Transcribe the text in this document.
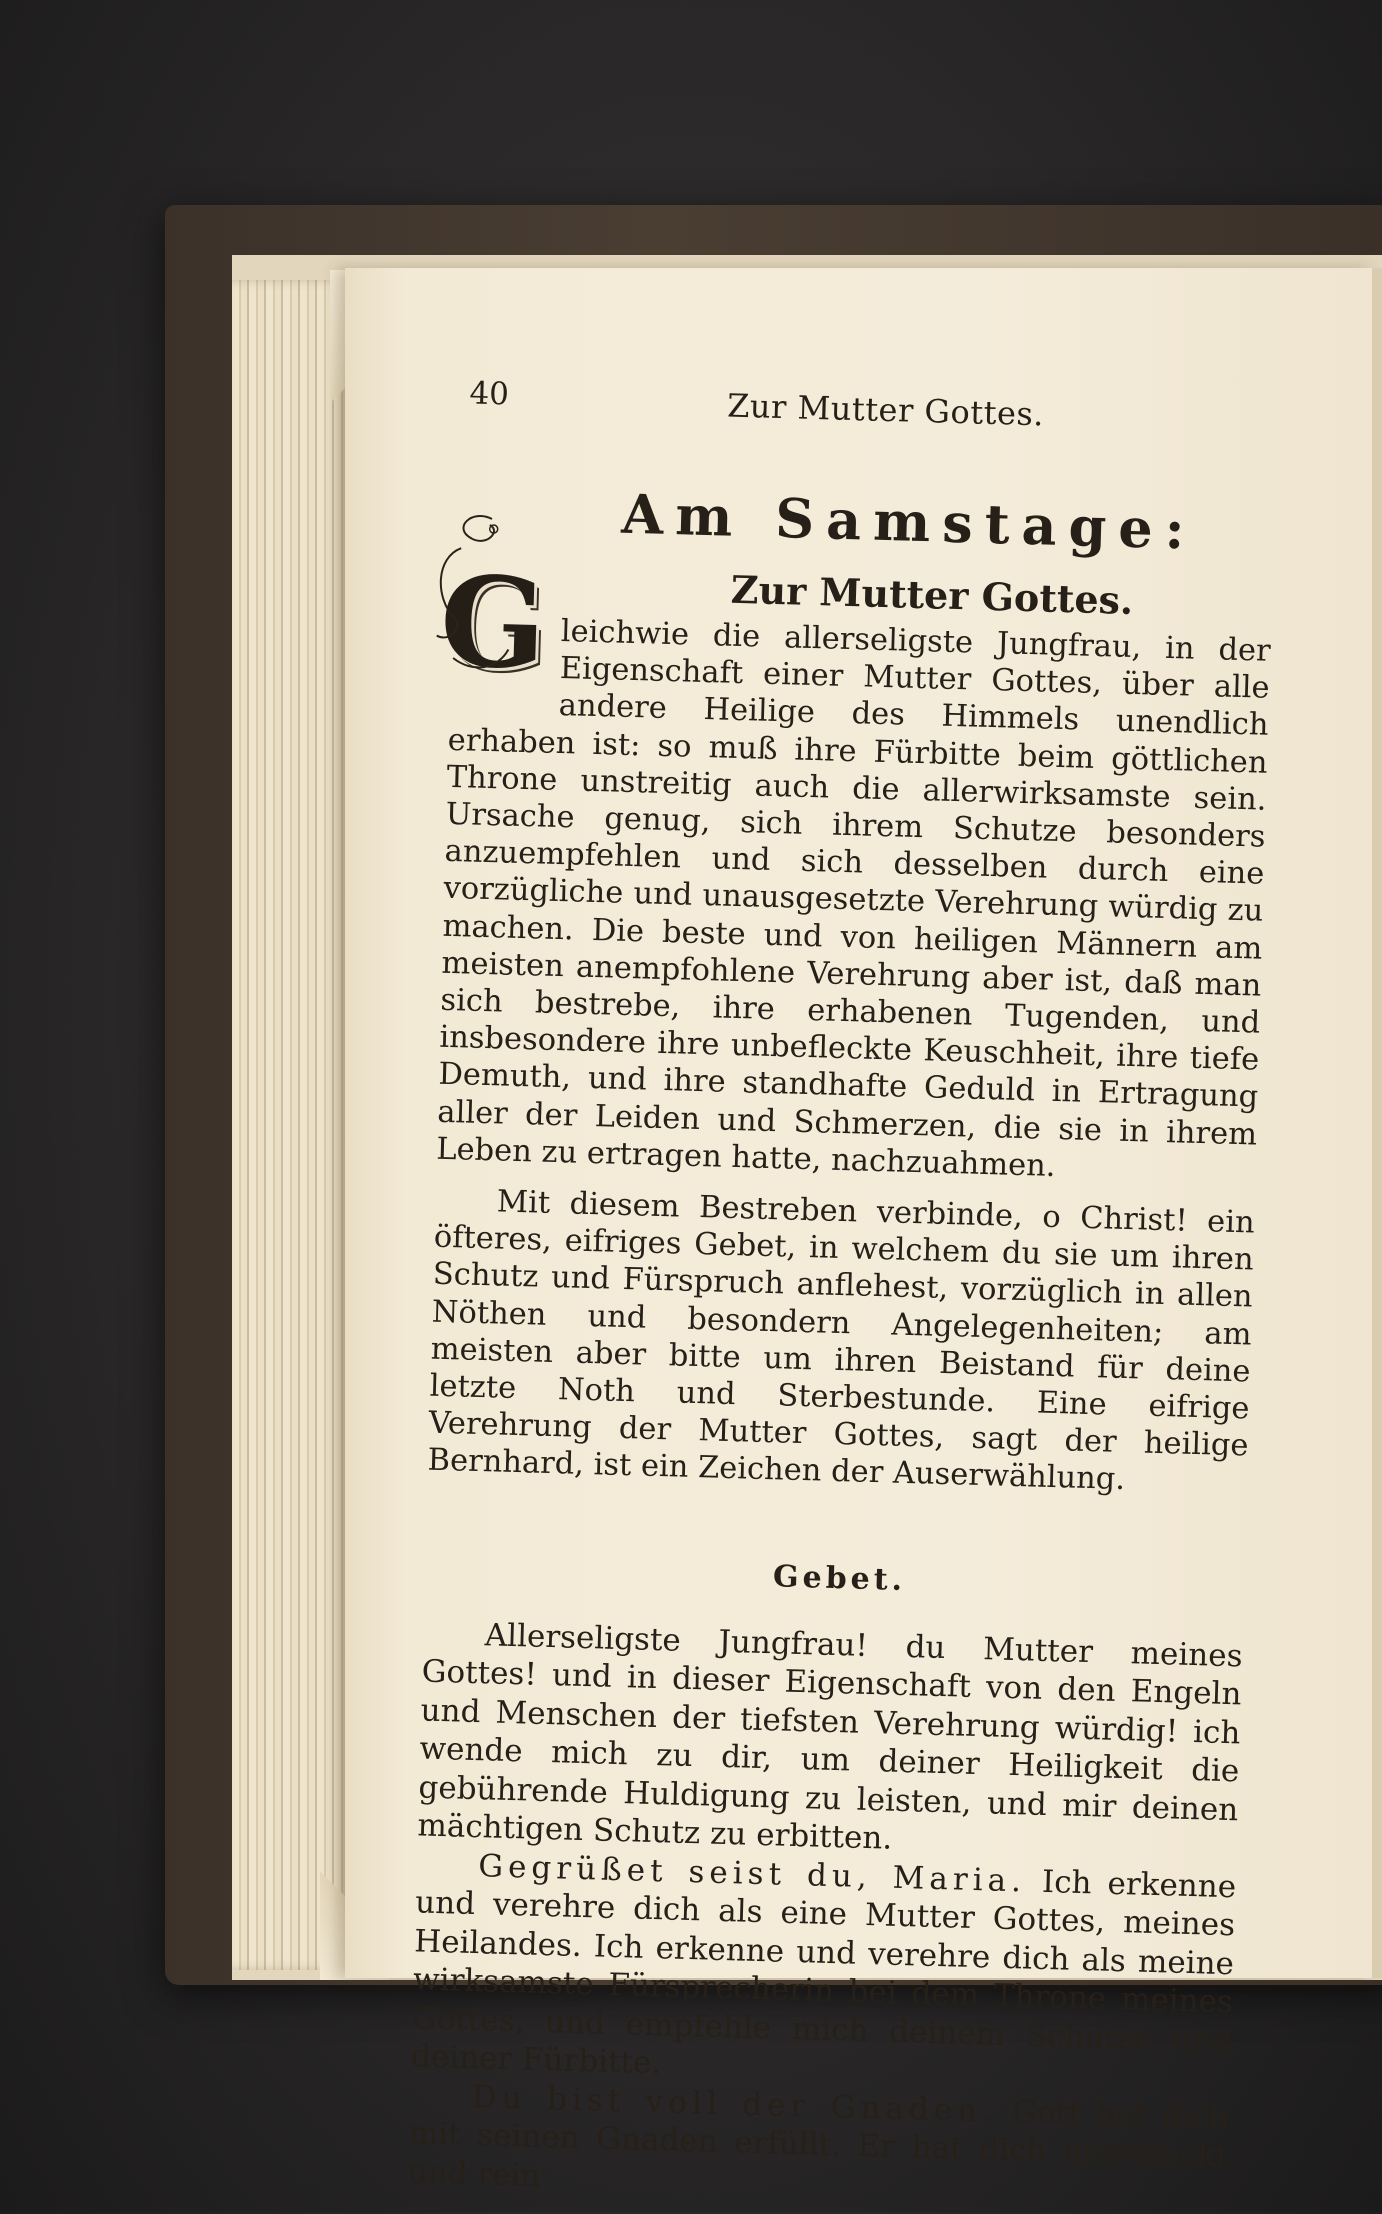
40	Zur Mutter Gottes.
Am Samstage:
Zur Mutter Gottes.
G leichwie die allerseligste Jungfrau, in der Eigenschaft einer Mutter Gottes, über alle andere Heilige des Himmels unendlich erhaben ist: so muß ihre Fürbitte beim göttlichen Throne unstreitig auch die allerwirksamste sein. Ursache genug, sich ihrem Schutze besonders anzuempfehlen und sich desselben durch eine vorzügliche und unausgesetzte Verehrung würdig zu machen. Die beste und von heiligen Männern am meisten anempfohlene Verehrung aber ist, daß man sich bestrebe, ihre erhabenen Tugenden, und insbesondere ihre unbefleckte Keuschheit, ihre tiefe Demuth, und ihre standhafte Geduld in Ertragung aller der Leiden und Schmerzen, die sie in ihrem Leben zu ertragen hatte, nachzuahmen.

Mit diesem Bestreben verbinde, o Christ! ein öfteres, eifriges Gebet, in welchem du sie um ihren Schutz und Fürspruch anflehest, vorzüglich in allen Nöthen und besondern Angelegenheiten; am meisten aber bitte um ihren Beistand für deine letzte Noth und Sterbestunde. Eine eifrige Verehrung der Mutter Gottes, sagt der heilige Bernhard, ist ein Zeichen der Auserwählung.

Gebet.

Allerseligste Jungfrau! du Mutter meines Gottes! und in dieser Eigenschaft von den Engeln und Menschen der tiefsten Verehrung würdig! ich wende mich zu dir, um deiner Heiligkeit die gebührende Huldigung zu leisten, und mir deinen mächtigen Schutz zu erbitten.

Gegrüßet seist du, Maria. Ich erkenne und verehre dich als eine Mutter Gottes, meines Heilandes. Ich erkenne und verehre dich als meine wirksamste Fürsprecherin bei dem Throne meines Gottes, und empfehle mich deinem Schutze und deiner Fürbitte.

Du bist voll der Gnaden. Gott hat dich mit seinen Gnaden erfüllt. Er hat dich unbefleckt und rein
